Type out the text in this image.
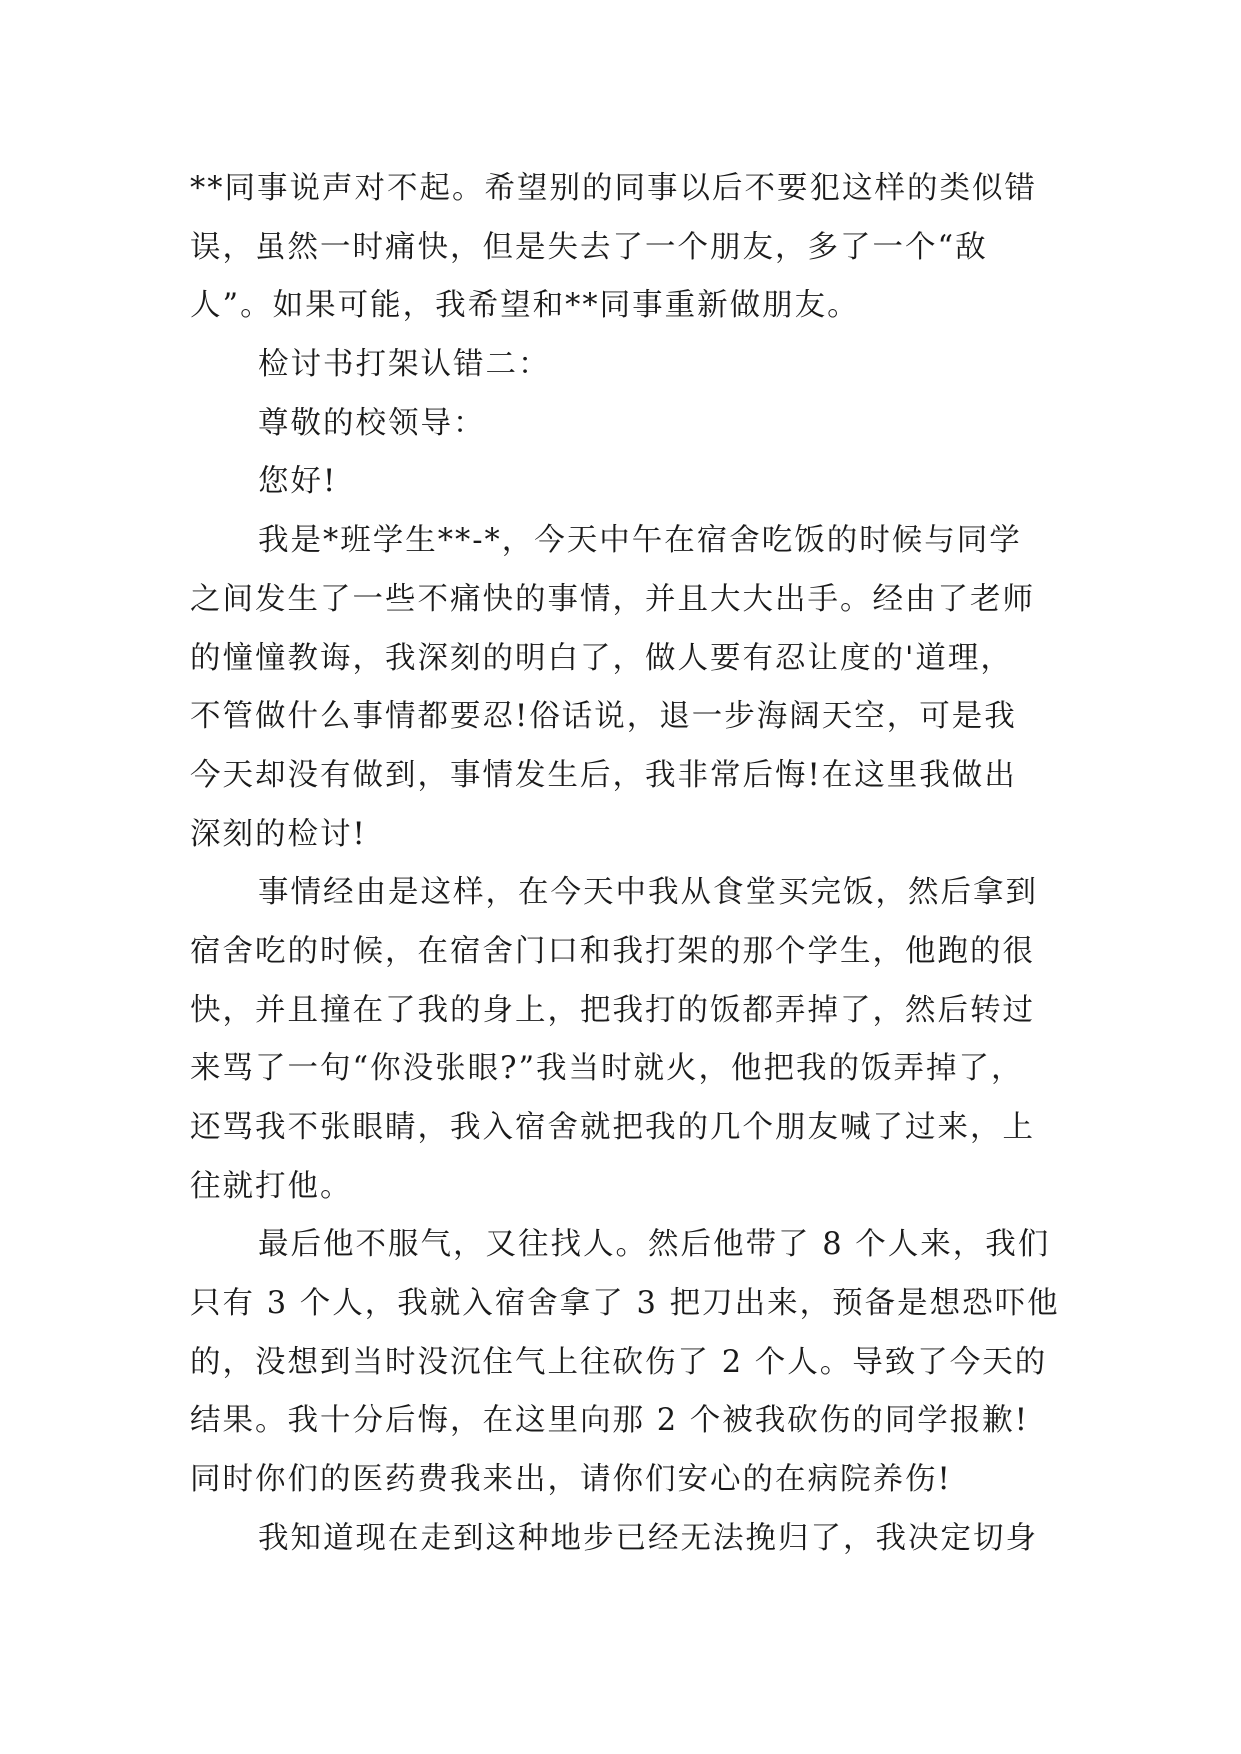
**同事说声对不起。希望别的同事以后不要犯这样的类似错
误，虽然一时痛快，但是失去了一个朋友，多了一个“敌
人”。如果可能，我希望和**同事重新做朋友。
检讨书打架认错二：
尊敬的校领导：
您好!
我是*班学生**-*，今天中午在宿舍吃饭的时候与同学
之间发生了一些不痛快的事情，并且大大出手。经由了老师
的憧憧教诲，我深刻的明白了，做人要有忍让度的'道理，
不管做什么事情都要忍!俗话说，退一步海阔天空，可是我
今天却没有做到，事情发生后，我非常后悔!在这里我做出
深刻的检讨!
事情经由是这样，在今天中我从食堂买完饭，然后拿到
宿舍吃的时候，在宿舍门口和我打架的那个学生，他跑的很
快，并且撞在了我的身上，把我打的饭都弄掉了，然后转过
来骂了一句“你没张眼?”我当时就火，他把我的饭弄掉了，
还骂我不张眼睛，我入宿舍就把我的几个朋友喊了过来，上
往就打他。
最后他不服气，又往找人。然后他带了 8 个人来，我们
只有 3 个人，我就入宿舍拿了 3 把刀出来，预备是想恐吓他
的，没想到当时没沉住气上往砍伤了 2 个人。导致了今天的
结果。我十分后悔，在这里向那 2 个被我砍伤的同学报歉!
同时你们的医药费我来出，请你们安心的在病院养伤!
我知道现在走到这种地步已经无法挽归了，我决定切身
